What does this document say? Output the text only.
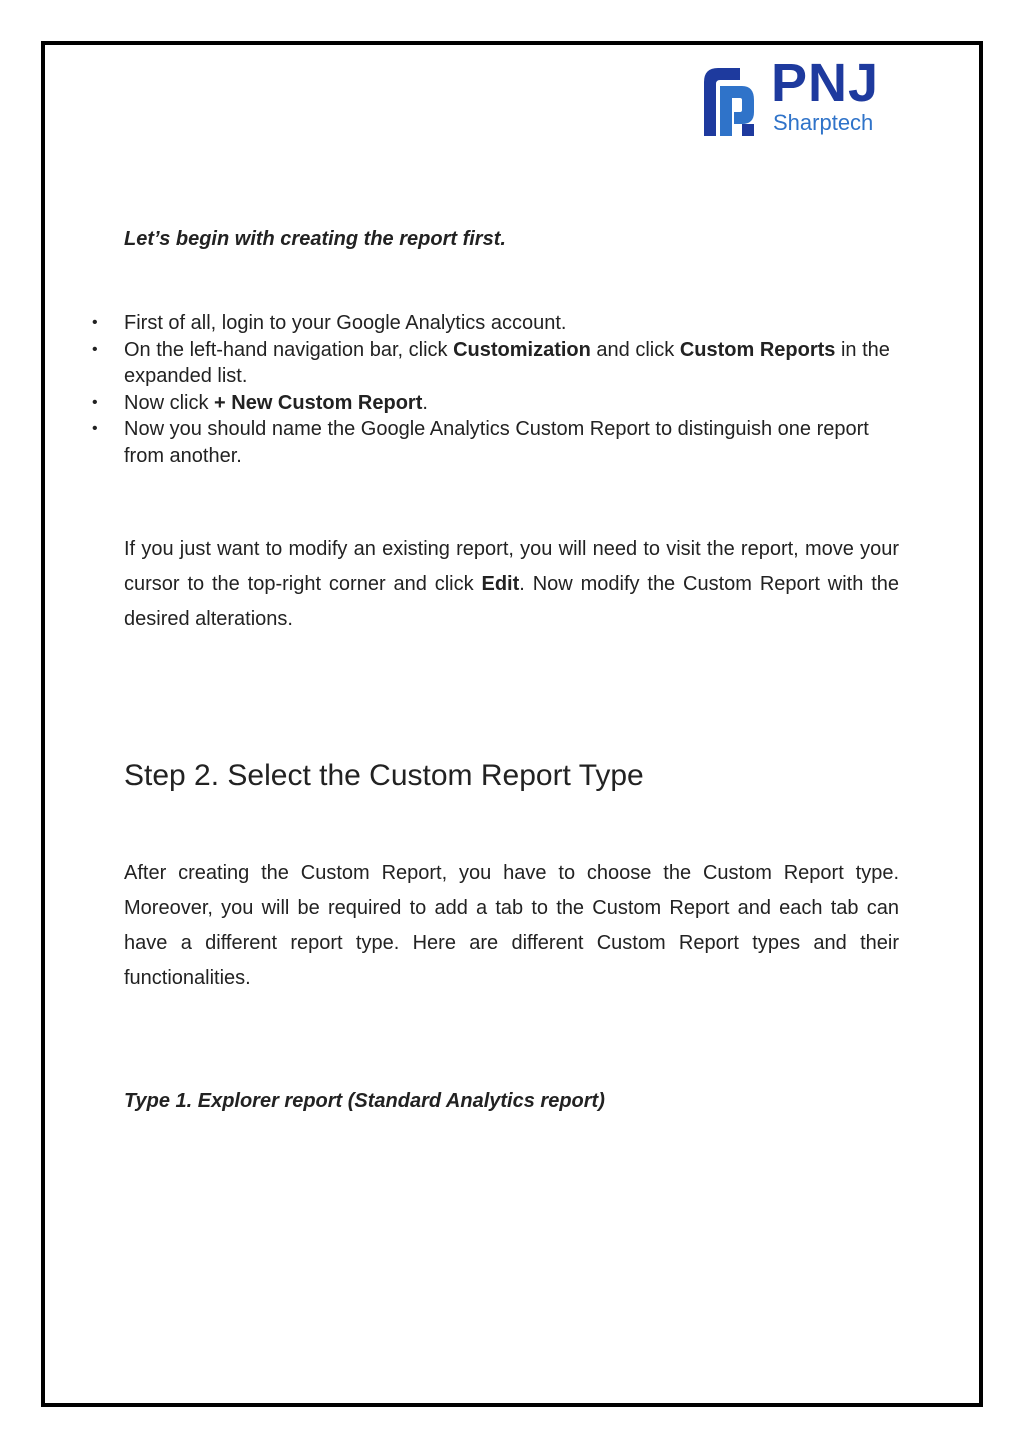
PNJ
Sharptech
Let’s begin with creating the report first.
• First of all, login to your Google Analytics account.
• On the left-hand navigation bar, click Customization and click Custom Reports in the expanded list.
• Now click + New Custom Report.
• Now you should name the Google Analytics Custom Report to distinguish one report from another.
If you just want to modify an existing report, you will need to visit the report, move your cursor to the top-right corner and click Edit. Now modify the Custom Report with the desired alterations.
Step 2. Select the Custom Report Type
After creating the Custom Report, you have to choose the Custom Report type. Moreover, you will be required to add a tab to the Custom Report and each tab can have a different report type. Here are different Custom Report types and their functionalities.
Type 1. Explorer report (Standard Analytics report)
